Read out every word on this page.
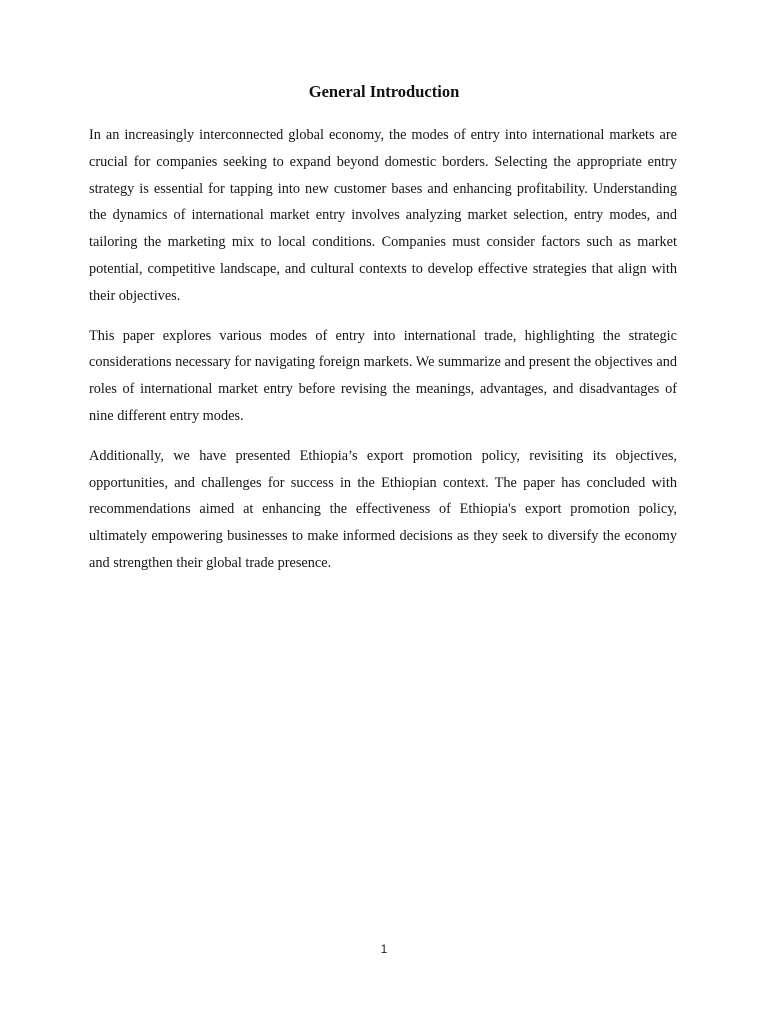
General Introduction

In an increasingly interconnected global economy, the modes of entry into international markets are crucial for companies seeking to expand beyond domestic borders. Selecting the appropriate entry strategy is essential for tapping into new customer bases and enhancing profitability. Understanding the dynamics of international market entry involves analyzing market selection, entry modes, and tailoring the marketing mix to local conditions. Companies must consider factors such as market potential, competitive landscape, and cultural contexts to develop effective strategies that align with their objectives.

This paper explores various modes of entry into international trade, highlighting the strategic considerations necessary for navigating foreign markets. We summarize and present the objectives and roles of international market entry before revising the meanings, advantages, and disadvantages of nine different entry modes.

Additionally, we have presented Ethiopia’s export promotion policy, revisiting its objectives, opportunities, and challenges for success in the Ethiopian context. The paper has concluded with recommendations aimed at enhancing the effectiveness of Ethiopia's export promotion policy, ultimately empowering businesses to make informed decisions as they seek to diversify the economy and strengthen their global trade presence.

1
